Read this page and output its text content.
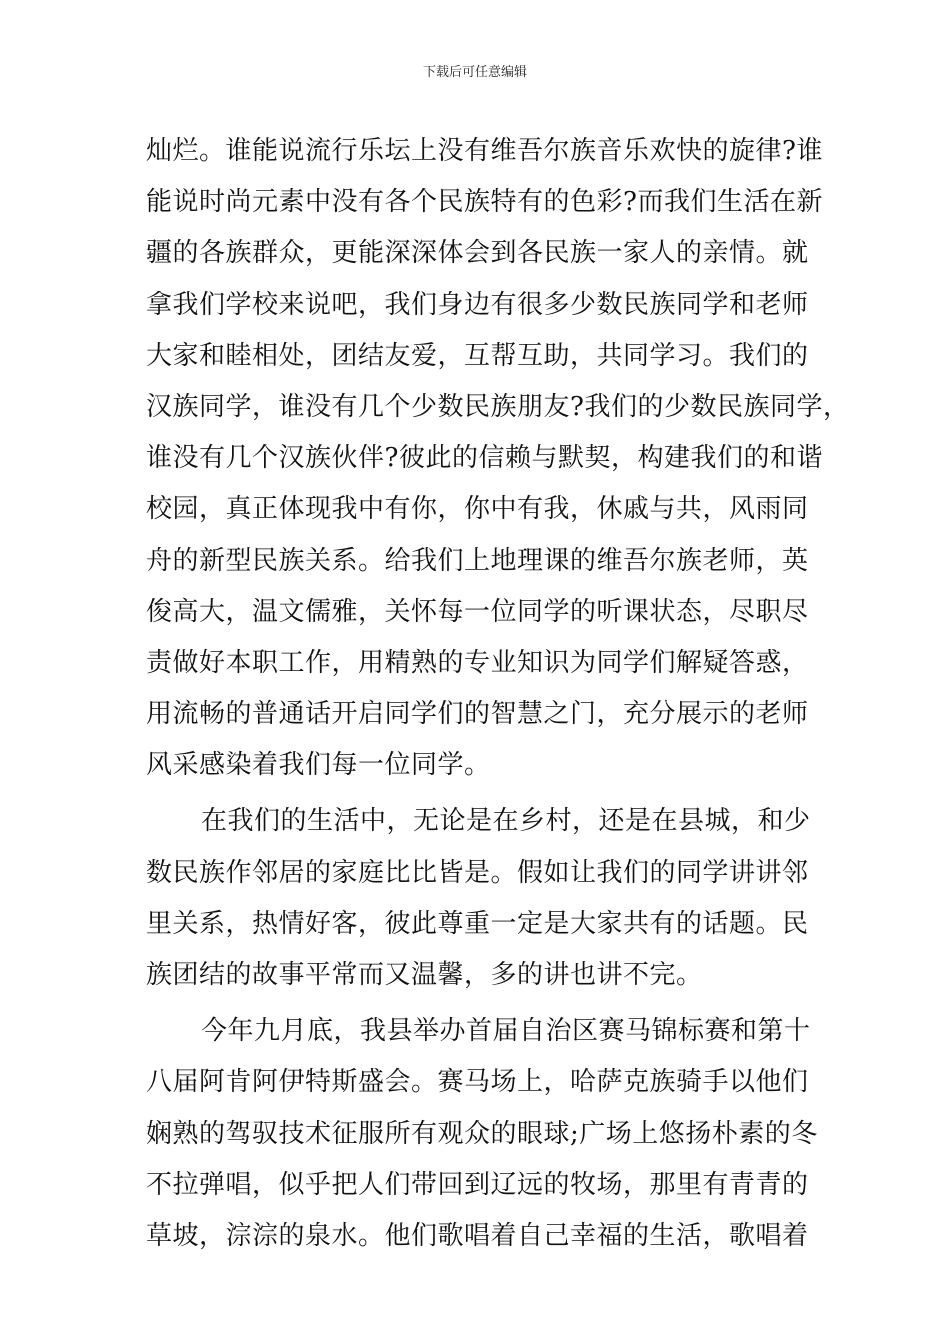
下载后可任意编辑
灿烂。谁能说流行乐坛上没有维吾尔族音乐欢快的旋律?谁
能说时尚元素中没有各个民族特有的色彩?而我们生活在新
疆的各族群众，更能深深体会到各民族一家人的亲情。就
拿我们学校来说吧，我们身边有很多少数民族同学和老师
大家和睦相处，团结友爱，互帮互助，共同学习。我们的
汉族同学，谁没有几个少数民族朋友?我们的少数民族同学，
谁没有几个汉族伙伴?彼此的信赖与默契，构建我们的和谐
校园，真正体现我中有你，你中有我，休戚与共，风雨同
舟的新型民族关系。给我们上地理课的维吾尔族老师，英
俊高大，温文儒雅，关怀每一位同学的听课状态，尽职尽
责做好本职工作，用精熟的专业知识为同学们解疑答惑，
用流畅的普通话开启同学们的智慧之门，充分展示的老师
风采感染着我们每一位同学。
在我们的生活中，无论是在乡村，还是在县城，和少
数民族作邻居的家庭比比皆是。假如让我们的同学讲讲邻
里关系，热情好客，彼此尊重一定是大家共有的话题。民
族团结的故事平常而又温馨，多的讲也讲不完。
今年九月底，我县举办首届自治区赛马锦标赛和第十
八届阿肯阿伊特斯盛会。赛马场上，哈萨克族骑手以他们
娴熟的驾驭技术征服所有观众的眼球;广场上悠扬朴素的冬
不拉弹唱，似乎把人们带回到辽远的牧场，那里有青青的
草坡，淙淙的泉水。他们歌唱着自己幸福的生活，歌唱着
